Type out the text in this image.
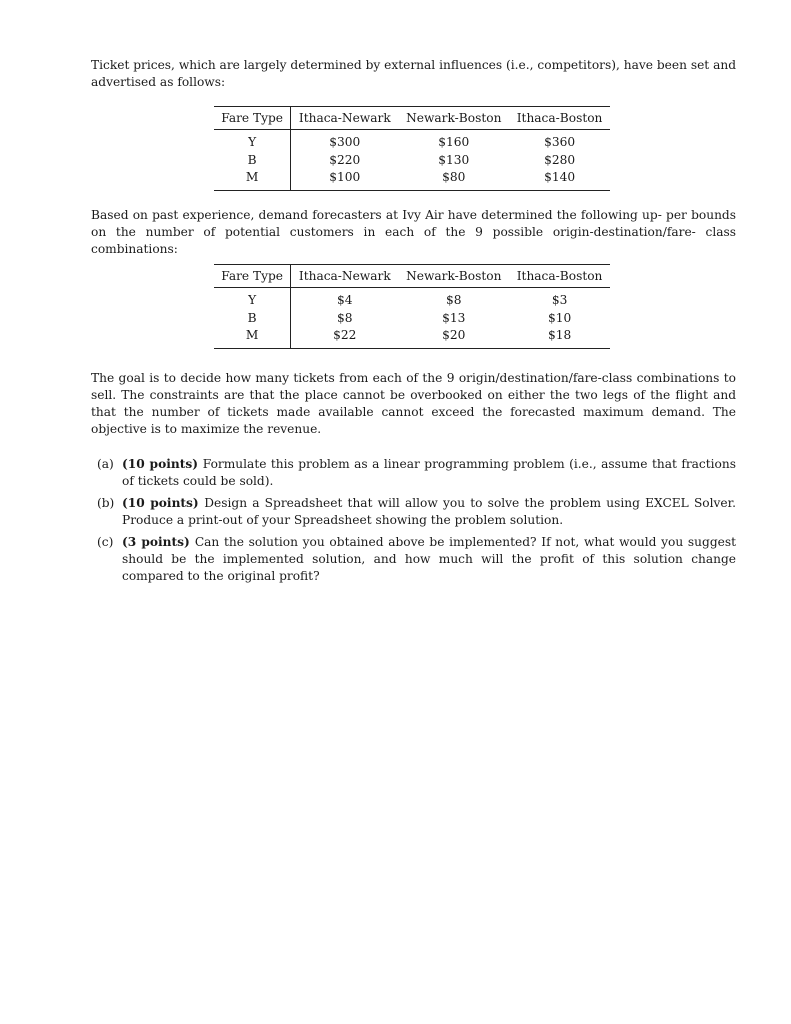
Ticket prices, which are largely determined by external influences (i.e., competitors), have been set and advertised as follows:

Fare Type	Ithaca-Newark	Newark-Boston	Ithaca-Boston
Y	$300	$160	$360
B	$220	$130	$280
M	$100	$80	$140

Based on past experience, demand forecasters at Ivy Air have determined the following up- per bounds on the number of potential customers in each of the 9 possible origin-destination/fare- class combinations:

Fare Type	Ithaca-Newark	Newark-Boston	Ithaca-Boston
Y	$4	$8	$3
B	$8	$13	$10
M	$22	$20	$18

The goal is to decide how many tickets from each of the 9 origin/destination/fare-class combinations to sell. The constraints are that the place cannot be overbooked on either the two legs of the flight and that the number of tickets made available cannot exceed the forecasted maximum demand. The objective is to maximize the revenue.

(a) (10 points) Formulate this problem as a linear programming problem (i.e., assume that fractions of tickets could be sold).
(b) (10 points) Design a Spreadsheet that will allow you to solve the problem using EXCEL Solver. Produce a print-out of your Spreadsheet showing the problem solution.
(c) (3 points) Can the solution you obtained above be implemented? If not, what would you suggest should be the implemented solution, and how much will the profit of this solution change compared to the original profit?
